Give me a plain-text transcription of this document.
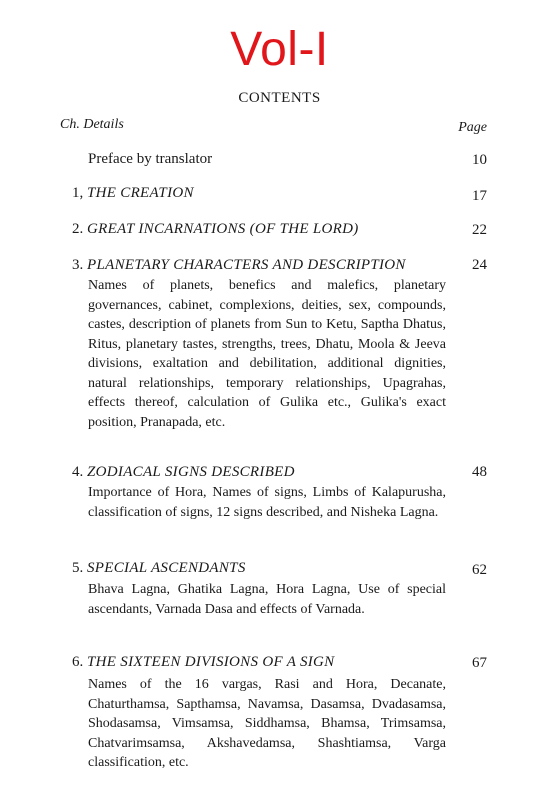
Vol-I
CONTENTS
Ch. Details	Page
Preface by translator	10
1, THE CREATION	17
2. GREAT INCARNATIONS (OF THE LORD)	22
3. PLANETARY CHARACTERS AND DESCRIPTION	24
Names of planets, benefics and malefics, planetary governances, cabinet, complexions, deities, sex, compounds, castes, description of planets from Sun to Ketu, Saptha Dhatus, Ritus, planetary tastes, strengths, trees, Dhatu, Moola & Jeeva divisions, exaltation and debilitation, additional dignities, natural relationships, temporary relationships, Upagrahas, effects thereof, calculation of Gulika etc., Gulika's exact position, Pranapada, etc.
4. ZODIACAL SIGNS DESCRIBED	48
Importance of Hora, Names of signs, Limbs of Kalapurusha, classification of signs, 12 signs described, and Nisheka Lagna.
5. SPECIAL ASCENDANTS	62
Bhava Lagna, Ghatika Lagna, Hora Lagna, Use of special ascendants, Varnada Dasa and effects of Varnada.
6. THE SIXTEEN DIVISIONS OF A SIGN	67
Names of the 16 vargas, Rasi and Hora, Decanate, Chaturthamsa, Sapthamsa, Navamsa, Dasamsa, Dvadasamsa, Shodasamsa, Vimsamsa, Siddhamsa, Bhamsa, Trimsamsa, Chatvarimsamsa, Akshavedamsa, Shashtiamsa, Varga classification, etc.
